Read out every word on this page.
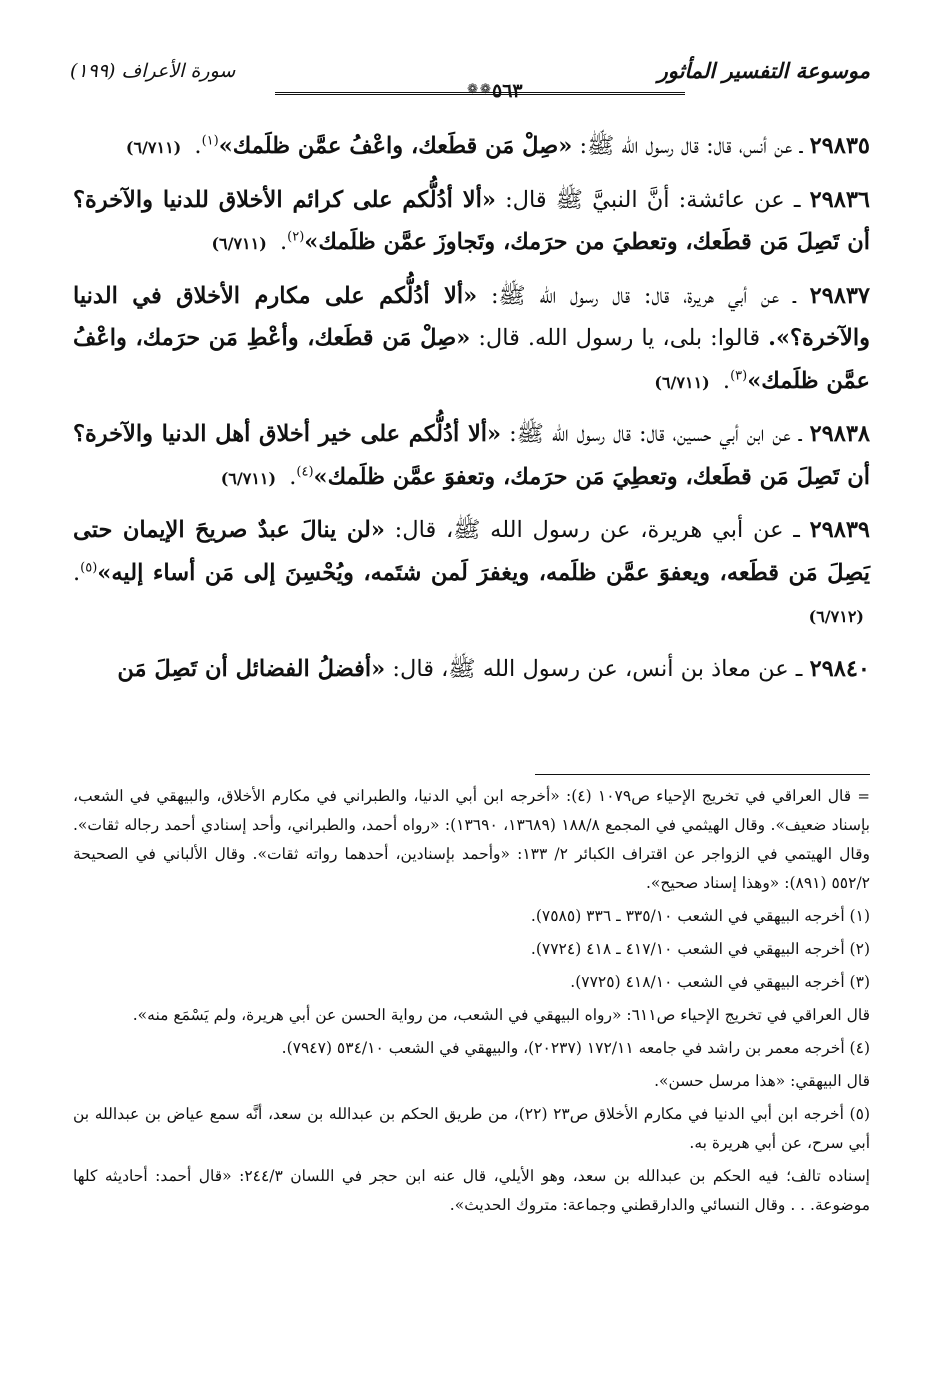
موسوعة التفسير المأثور
❁ ٥٦٣
❁
سورة الأعراف (١٩٩)
٢٩٨٣٥ ـ عن أنس، قال: قال رسول الله ﷺ: «صِلْ مَن قطَعك، واعْفُ عمَّن ظلَمك»$^{(١)}$. (٦/٧١١)
٢٩٨٣٦ ـ عن عائشة: أنَّ النبيَّ ﷺ قال: «ألا أدُلُّكم على كرائم الأخلاق للدنيا والآخرة؟ أن تَصِلَ مَن قطَعك، وتعطيَ من حرَمك، وتَجاوزَ عمَّن ظلَمك»$^{(٢)}$. (٦/٧١١)
٢٩٨٣٧ ـ عن أبي هريرة، قال: قال رسول الله ﷺ: «ألا أدُلُّكم على مكارم الأخلاق في الدنيا والآخرة؟». قالوا: بلى، يا رسول الله. قال: «صِلْ مَن قطَعك، وأعْطِ مَن حرَمك، واعْفُ عمَّن ظلَمك»$^{(٣)}$. (٦/٧١١)
٢٩٨٣٨ ـ عن ابن أبي حسين، قال: قال رسول الله ﷺ: «ألا أدُلُّكم على خير أخلاق أهل الدنيا والآخرة؟ أن تَصِلَ مَن قطَعك، وتعطِيَ مَن حرَمك، وتعفوَ عمَّن ظلَمك»$^{(٤)}$. (٦/٧١١)
٢٩٨٣٩ ـ عن أبي هريرة، عن رسول الله ﷺ، قال: «لن ينالَ عبدٌ صريحَ الإيمان حتى يَصِلَ مَن قطَعه، ويعفوَ عمَّن ظلَمه، ويغفرَ لَمن شتَمه، ويُحْسِنَ إلى مَن أساء إليه»$^{(٥)}$. (٦/٧١٢)
٢٩٨٤٠ ـ عن معاذ بن أنس، عن رسول الله ﷺ، قال: «أفضلُ الفضائل أن تَصِلَ مَن

= قال العراقي في تخريج الإحياء ص١٠٧٩ (٤): «أخرجه ابن أبي الدنيا، والطبراني في مكارم الأخلاق، والبيهقي في الشعب، بإسناد ضعيف». وقال الهيثمي في المجمع ١٨٨/٨ (١٣٦٨٩، ١٣٦٩٠): «رواه أحمد، والطبراني، وأحد إسنادي أحمد رجاله ثقات». وقال الهيتمي في الزواجر عن اقتراف الكبائر ٢/ ١٣٣: «وأحمد بإسنادين، أحدهما رواته ثقات». وقال الألباني في الصحيحة ٥٥٢/٢ (٨٩١): «وهذا إسناد صحيح».

(١) أخرجه البيهقي في الشعب ٣٣٥/١٠ ـ ٣٣٦ (٧٥٨٥).

(٢) أخرجه البيهقي في الشعب ٤١٧/١٠ ـ ٤١٨ (٧٧٢٤).

(٣) أخرجه البيهقي في الشعب ٤١٨/١٠ (٧٧٢٥).

قال العراقي في تخريج الإحياء ص٦١١: «رواه البيهقي في الشعب، من رواية الحسن عن أبي هريرة، ولم يَسْمَع منه».

(٤) أخرجه معمر بن راشد في جامعه ١٧٢/١١ (٢٠٢٣٧)، والبيهقي في الشعب ٥٣٤/١٠ (٧٩٤٧).

قال البيهقي: «هذا مرسل حسن».

(٥) أخرجه ابن أبي الدنيا في مكارم الأخلاق ص٢٣ (٢٢)، من طريق الحكم بن عبدالله بن سعد، أنَّه سمع عياض بن عبدالله بن أبي سرح، عن أبي هريرة به.

إسناده تالف؛ فيه الحكم بن عبدالله بن سعد، وهو الأيلي، قال عنه ابن حجر في اللسان ٢٤٤/٣: «قال أحمد: أحاديثه كلها موضوعة. . . وقال النسائي والدارقطني وجماعة: متروك الحديث».
